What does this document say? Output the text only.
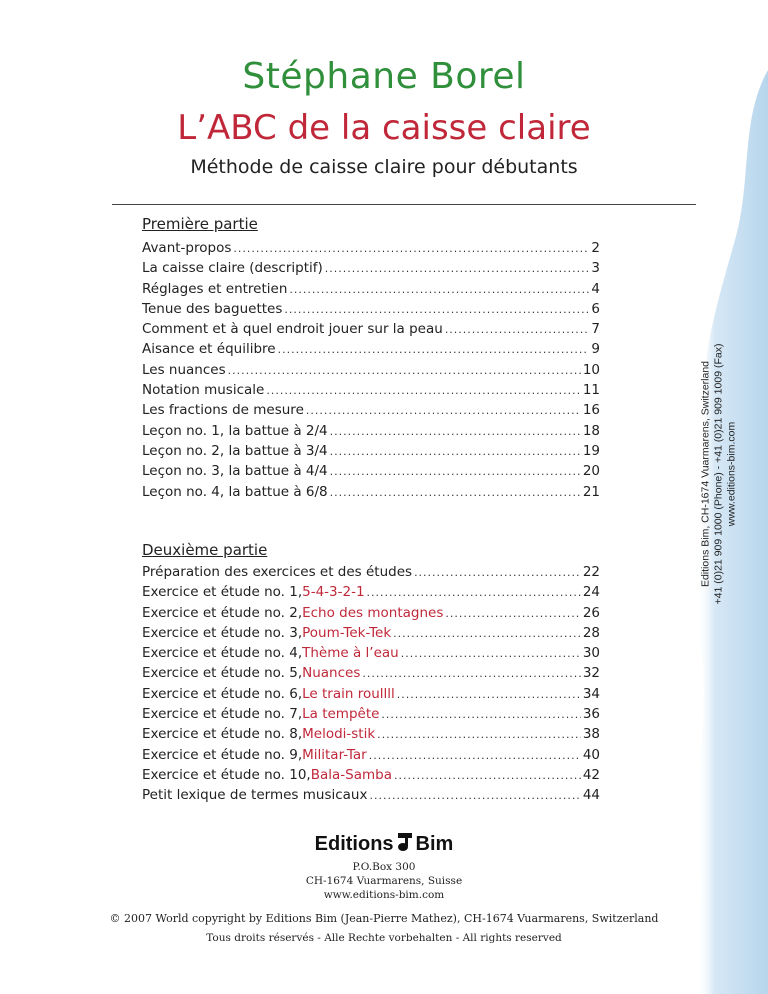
Stéphane Borel
L’ABC de la caisse claire
Méthode de caisse claire pour débutants
Première partie
Avant-propos .....	2
La caisse claire (descriptif) .....	3
Réglages et entretien .....	4
Tenue des baguettes .....	6
Comment et à quel endroit jouer sur la peau .....	7
Aisance et équilibre .....	9
Les nuances .....	10
Notation musicale .....	11
Les fractions de mesure .....	16
Leçon no. 1, la battue à 2/4 .....	18
Leçon no. 2, la battue à 3/4 .....	19
Leçon no. 3, la battue à 4/4 .....	20
Leçon no. 4, la battue à 6/8 .....	21
Deuxième partie
Préparation des exercices et des études .....	22
Exercice et étude no. 1, 5-4-3-2-1 .....	24
Exercice et étude no. 2, Echo des montagnes .....	26
Exercice et étude no. 3, Poum-Tek-Tek .....	28
Exercice et étude no. 4, Thème à l’eau .....	30
Exercice et étude no. 5, Nuances .....	32
Exercice et étude no. 6, Le train roullll .....	34
Exercice et étude no. 7, La tempête .....	36
Exercice et étude no. 8, Melodi-stik .....	38
Exercice et étude no. 9, Militar-Tar .....	40
Exercice et étude no. 10, Bala-Samba .....	42
Petit lexique de termes musicaux .....	44
Editions Bim, CH-1674 Vuarmarens, Switzerland +41 (0)21 909 1000 (Phone) - +41 (0)21 909 1009 (Fax) www.editions-bim.com
Editions Bim
P.O.Box 300
CH-1674 Vuarmarens, Suisse
www.editions-bim.com
© 2007 World copyright by Editions Bim (Jean-Pierre Mathez), CH-1674 Vuarmarens, Switzerland
Tous droits réservés - Alle Rechte vorbehalten - All rights reserved
